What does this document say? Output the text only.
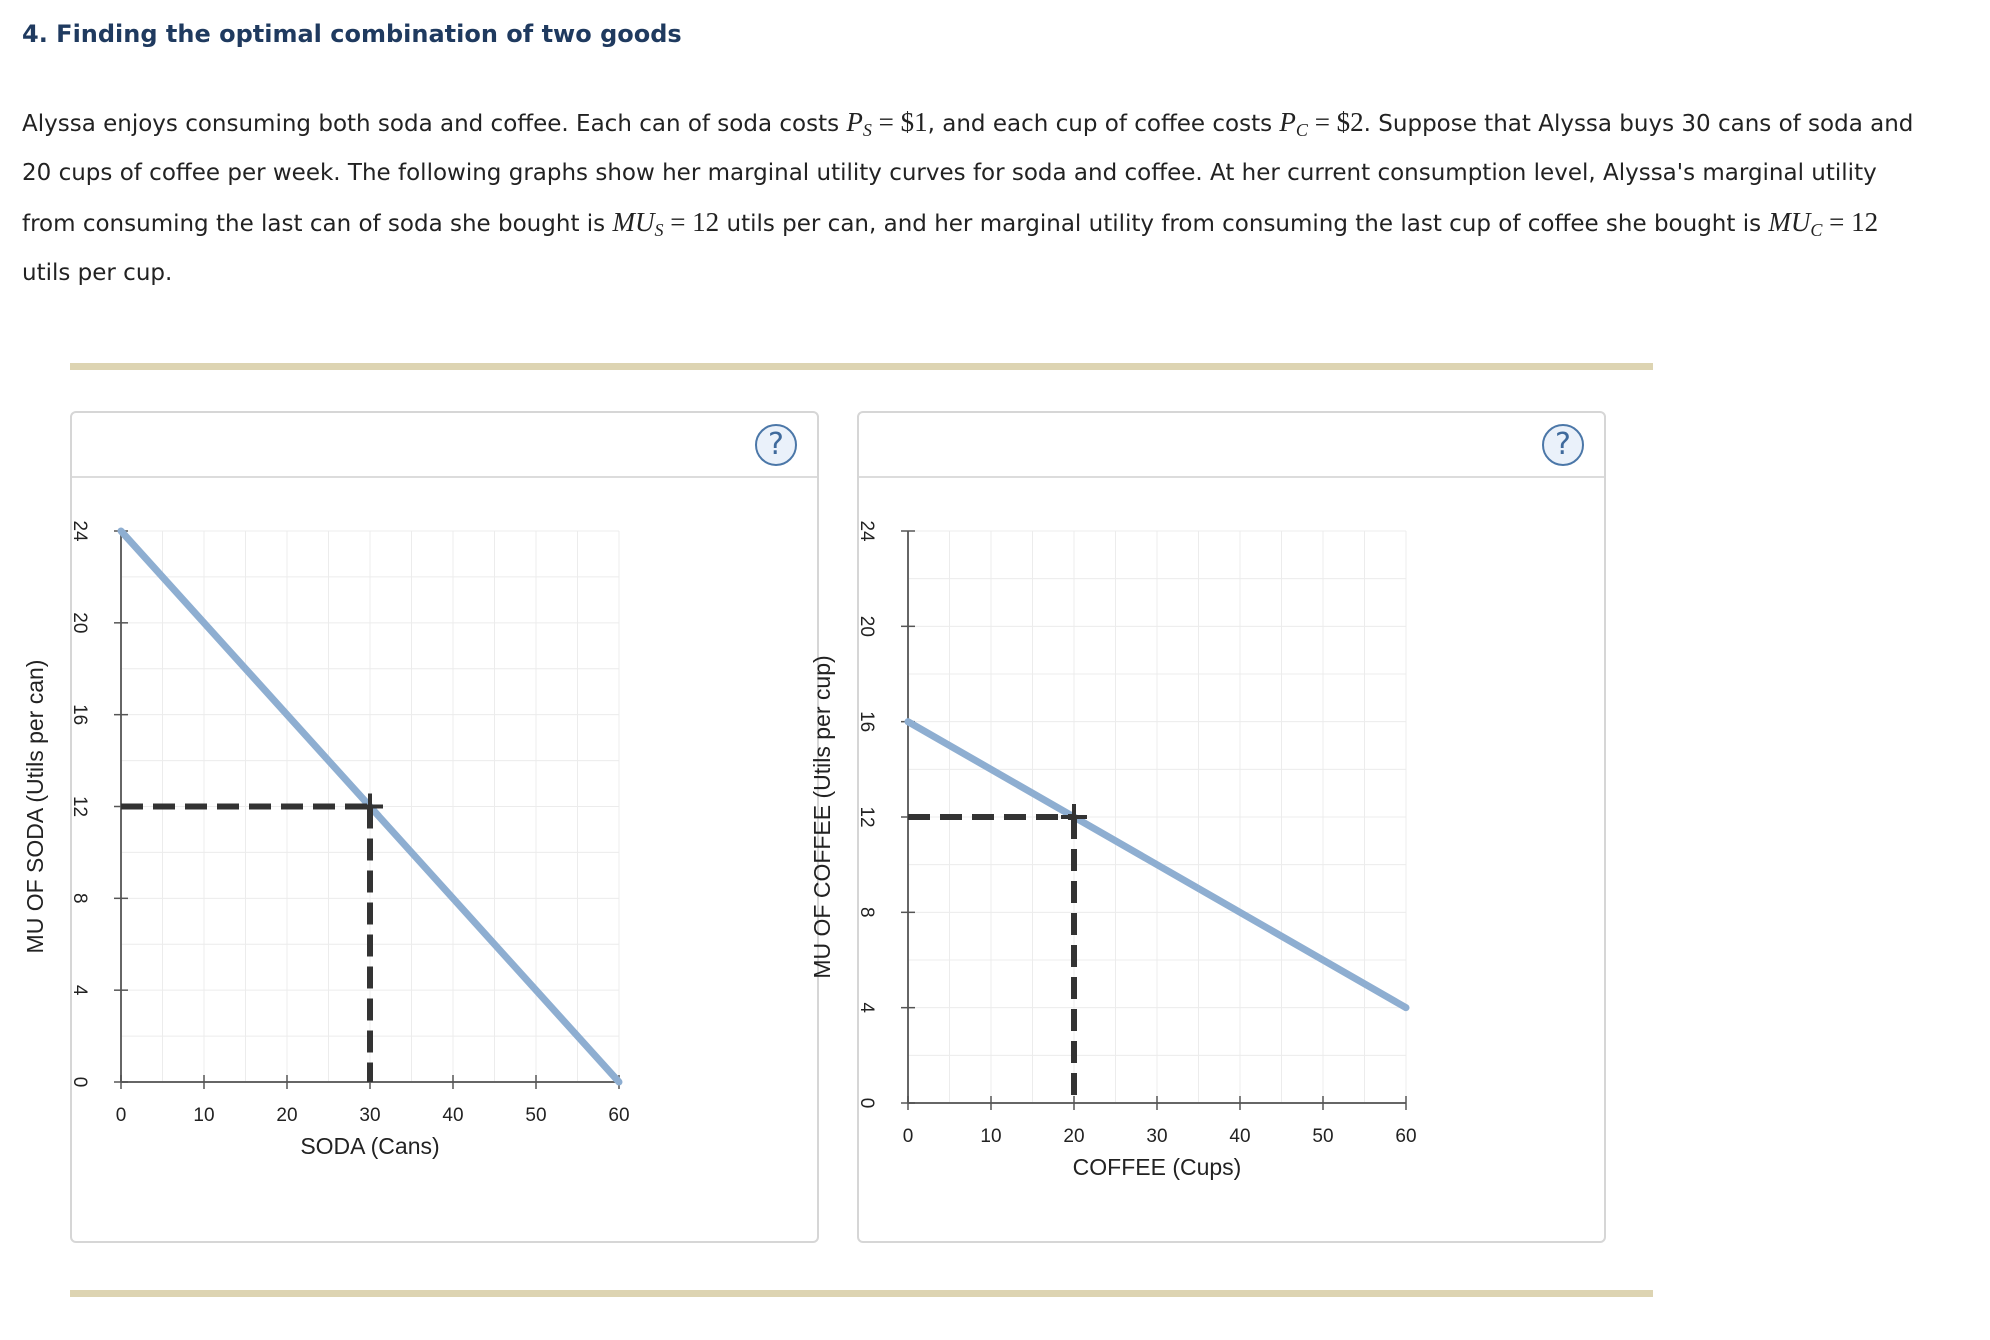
4. Finding the optimal combination of two goods

Alyssa enjoys consuming both soda and coffee. Each can of soda costs $P_S$ = $1, and each cup of coffee costs $P_C$ = $2. Suppose that Alyssa buys 30 cans of soda and 20 cups of coffee per week. The following graphs show her marginal utility curves for soda and coffee. At her current consumption level, Alyssa's marginal utility from consuming the last can of soda she bought is $MU_S = 12$ utils per can, and her marginal utility from consuming the last cup of coffee she bought is $MU_C = 12$ utils per cup.

?
0	10	20	30	40	50	60
0
4
8
12
16
20
24
SODA (Cans)
MU OF SODA (Utils per can)
?
0	10	20	30	40	50	60
0
4
8
12
16
20
24
COFFEE (Cups)
MU OF COFFEE (Utils per cup)
